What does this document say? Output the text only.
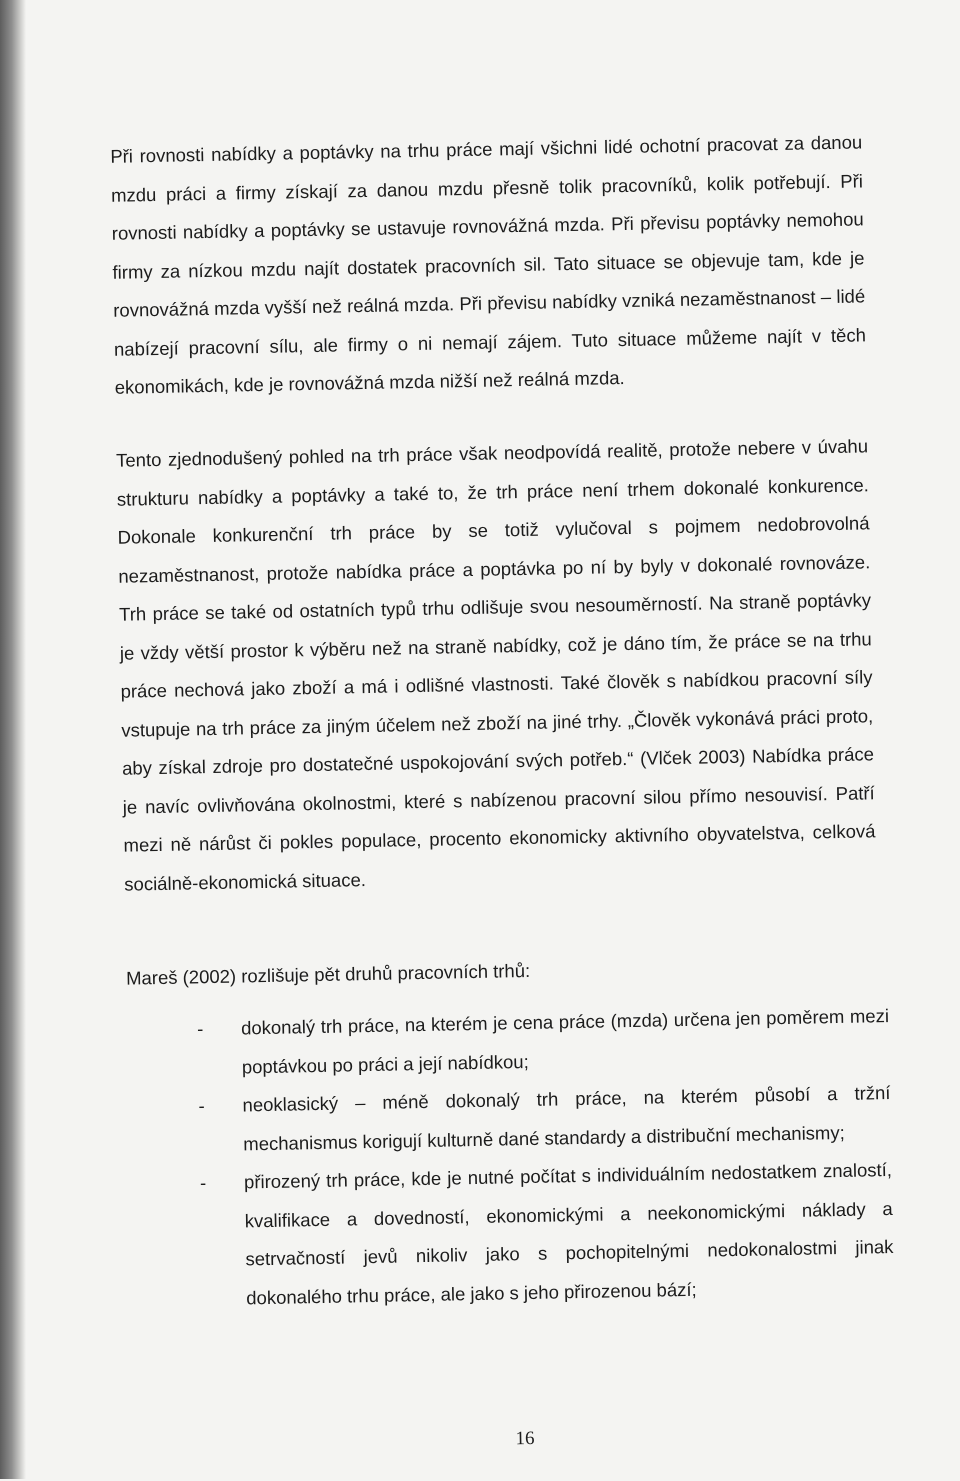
Při rovnosti nabídky a poptávky na trhu práce mají všichni lidé ochotní pracovat za danou mzdu práci a firmy získají za danou mzdu přesně tolik pracovníků, kolik potřebují. Při rovnosti nabídky a poptávky se ustavuje rovnovážná mzda. Při převisu poptávky nemohou firmy za nízkou mzdu najít dostatek pracovních sil. Tato situace se objevuje tam, kde je rovnovážná mzda vyšší než reálná mzda. Při převisu nabídky vzniká nezaměstnanost – lidé nabízejí pracovní sílu, ale firmy o ni nemají zájem. Tuto situace můžeme najít v těch ekonomikách, kde je rovnovážná mzda nižší než reálná mzda.

Tento zjednodušený pohled na trh práce však neodpovídá realitě, protože nebere v úvahu strukturu nabídky a poptávky a také to, že trh práce není trhem dokonalé konkurence. Dokonale konkurenční trh práce by se totiž vylučoval s pojmem nedobrovolná nezaměstnanost, protože nabídka práce a poptávka po ní by byly v dokonalé rovnováze. Trh práce se také od ostatních typů trhu odlišuje svou nesouměrností. Na straně poptávky je vždy větší prostor k výběru než na straně nabídky, což je dáno tím, že práce se na trhu práce nechová jako zboží a má i odlišné vlastnosti. Také člověk s nabídkou pracovní síly vstupuje na trh práce za jiným účelem než zboží na jiné trhy. „Člověk vykonává práci proto, aby získal zdroje pro dostatečné uspokojování svých potřeb.“ (Vlček 2003) Nabídka práce je navíc ovlivňována okolnostmi, které s nabízenou pracovní silou přímo nesouvisí. Patří mezi ně nárůst či pokles populace, procento ekonomicky aktivního obyvatelstva, celková sociálně-ekonomická situace.

Mareš (2002) rozlišuje pět druhů pracovních trhů:

- dokonalý trh práce, na kterém je cena práce (mzda) určena jen poměrem mezi poptávkou po práci a její nabídkou;
- neoklasický – méně dokonalý trh práce, na kterém působí a tržní mechanismus korigují kulturně dané standardy a distribuční mechanismy;
- přirozený trh práce, kde je nutné počítat s individuálním nedostatkem znalostí, kvalifikace a dovedností, ekonomickými a neekonomickými náklady a setrvačností jevů nikoliv jako s pochopitelnými nedokonalostmi jinak dokonalého trhu práce, ale jako s jeho přirozenou bází;
16
